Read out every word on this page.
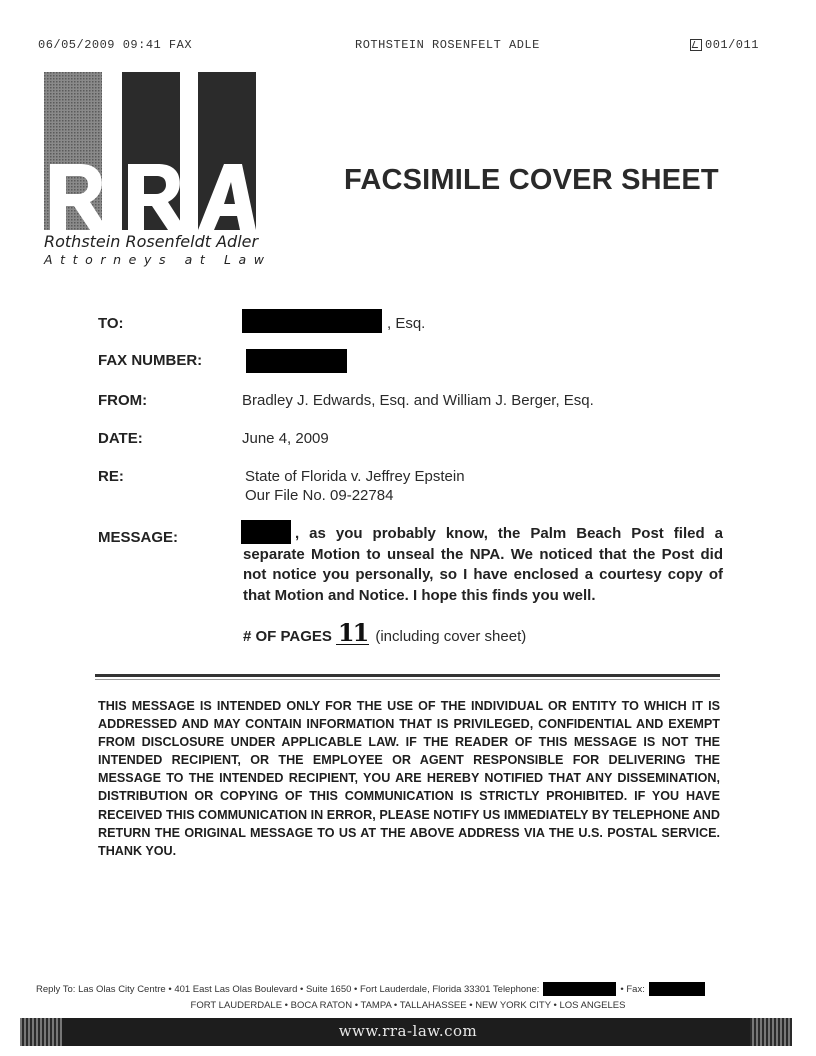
06/05/2009 09:41 FAX	ROTHSTEIN ROSENFELT ADLE	001/011
Rothstein Rosenfeldt Adler
Attorneys at Law
FACSIMILE COVER SHEET
TO:	, Esq.
FAX NUMBER:
FROM:	Bradley J. Edwards, Esq. and William J. Berger, Esq.
DATE:	June 4, 2009
RE:	State of Florida v. Jeffrey Epstein
Our File No. 09-22784
MESSAGE:	, as you probably know, the Palm Beach Post filed a separate Motion to unseal the NPA. We noticed that the Post did not notice you personally, so I have enclosed a courtesy copy of that Motion and Notice. I hope this finds you well.
# OF PAGES 11 (including cover sheet)
THIS MESSAGE IS INTENDED ONLY FOR THE USE OF THE INDIVIDUAL OR ENTITY TO WHICH IT IS ADDRESSED AND MAY CONTAIN INFORMATION THAT IS PRIVILEGED, CONFIDENTIAL AND EXEMPT FROM DISCLOSURE UNDER APPLICABLE LAW. IF THE READER OF THIS MESSAGE IS NOT THE INTENDED RECIPIENT, OR THE EMPLOYEE OR AGENT RESPONSIBLE FOR DELIVERING THE MESSAGE TO THE INTENDED RECIPIENT, YOU ARE HEREBY NOTIFIED THAT ANY DISSEMINATION, DISTRIBUTION OR COPYING OF THIS COMMUNICATION IS STRICTLY PROHIBITED. IF YOU HAVE RECEIVED THIS COMMUNICATION IN ERROR, PLEASE NOTIFY US IMMEDIATELY BY TELEPHONE AND RETURN THE ORIGINAL MESSAGE TO US AT THE ABOVE ADDRESS VIA THE U.S. POSTAL SERVICE. THANK YOU.
Reply To: Las Olas City Centre • 401 East Las Olas Boulevard • Suite 1650 • Fort Lauderdale, Florida 33301 Telephone:	• Fax:
FORT LAUDERDALE • BOCA RATON • TAMPA • TALLAHASSEE • NEW YORK CITY • LOS ANGELES
www.rra-law.com
